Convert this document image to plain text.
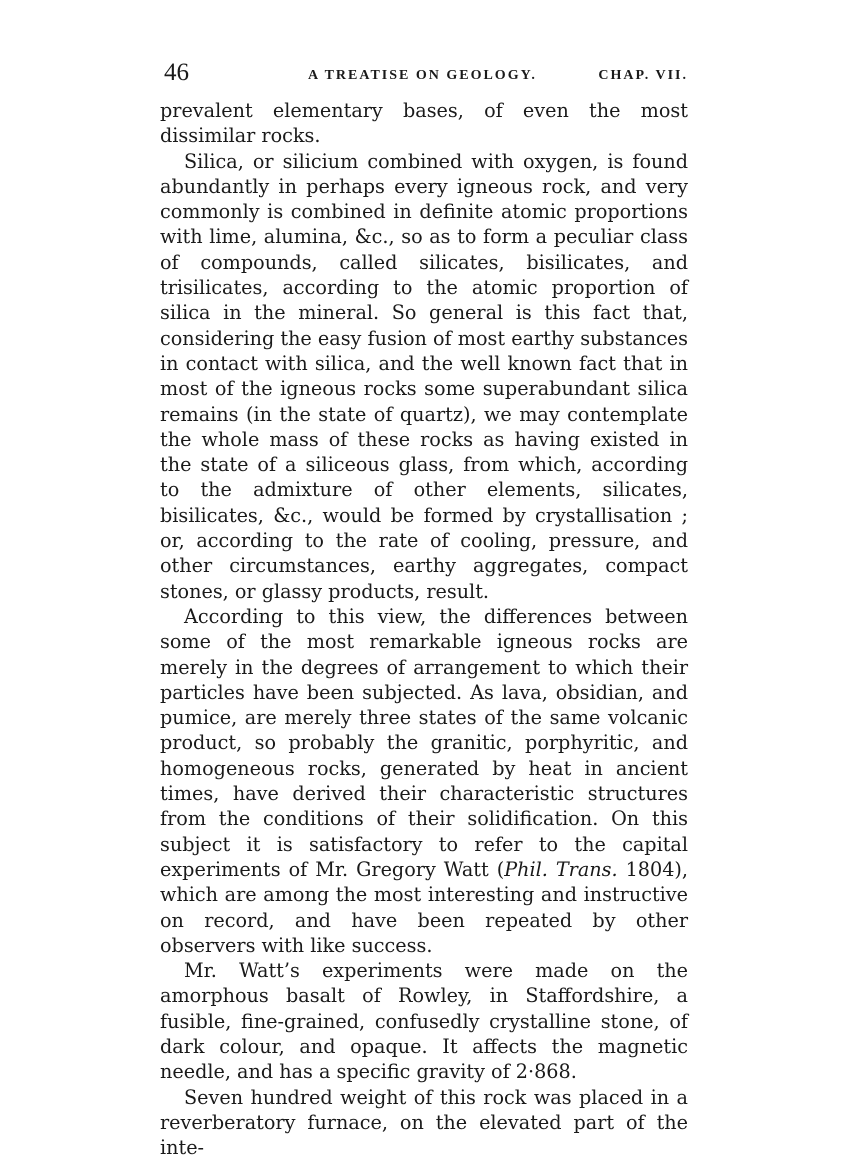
46	A TREATISE ON GEOLOGY.	CHAP. VII.

prevalent elementary bases, of even the most dissimilar rocks.

Silica, or silicium combined with oxygen, is found abundantly in perhaps every igneous rock, and very commonly is combined in definite atomic proportions with lime, alumina, &c., so as to form a peculiar class of compounds, called silicates, bisilicates, and trisilicates, according to the atomic proportion of silica in the mineral. So general is this fact that, considering the easy fusion of most earthy substances in contact with silica, and the well known fact that in most of the igneous rocks some superabundant silica remains (in the state of quartz), we may contemplate the whole mass of these rocks as having existed in the state of a siliceous glass, from which, according to the admixture of other elements, silicates, bisilicates, &c., would be formed by crystallisation ; or, according to the rate of cooling, pressure, and other circumstances, earthy aggregates, compact stones, or glassy products, result.

According to this view, the differences between some of the most remarkable igneous rocks are merely in the degrees of arrangement to which their particles have been subjected. As lava, obsidian, and pumice, are merely three states of the same volcanic product, so probably the granitic, porphyritic, and homogeneous rocks, generated by heat in ancient times, have derived their characteristic structures from the conditions of their solidification. On this subject it is satisfactory to refer to the capital experiments of Mr. Gregory Watt (Phil. Trans. 1804), which are among the most interesting and instructive on record, and have been repeated by other observers with like success.

Mr. Watt’s experiments were made on the amorphous basalt of Rowley, in Staffordshire, a fusible, fine-grained, confusedly crystalline stone, of dark colour, and opaque. It affects the magnetic needle, and has a specific gravity of 2·868.

Seven hundred weight of this rock was placed in a reverberatory furnace, on the elevated part of the inte-
